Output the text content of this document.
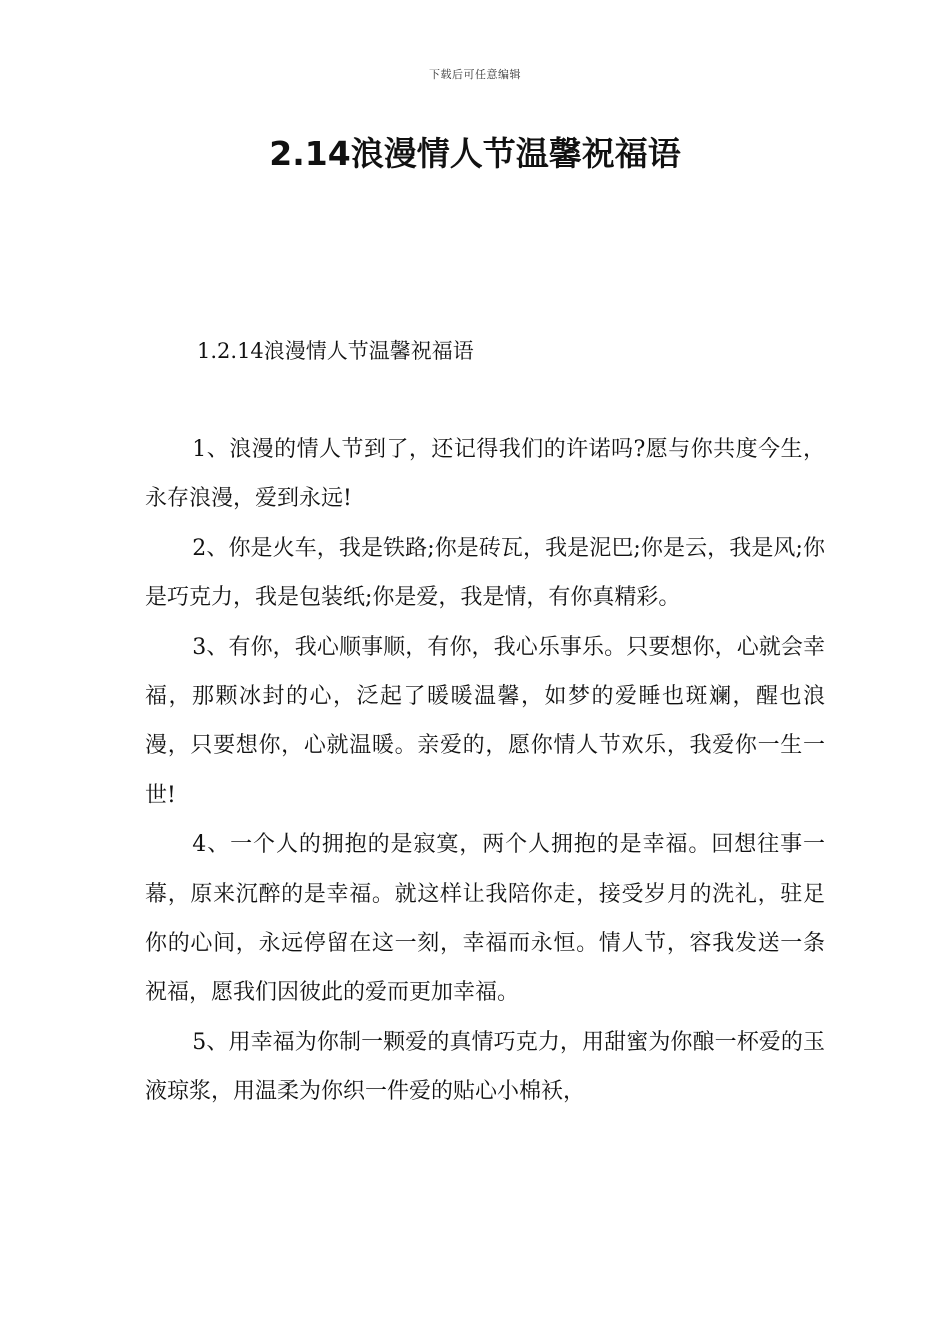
下载后可任意编辑
2.14浪漫情人节温馨祝福语

1.2.14浪漫情人节温馨祝福语

1、浪漫的情人节到了，还记得我们的许诺吗?愿与你共度今生，永存浪漫，爱到永远!

2、你是火车，我是铁路;你是砖瓦，我是泥巴;你是云，我是风;你是巧克力，我是包装纸;你是爱，我是情，有你真精彩。

3、有你，我心顺事顺，有你，我心乐事乐。只要想你，心就会幸福，那颗冰封的心，泛起了暖暖温馨，如梦的爱睡也斑斓，醒也浪漫，只要想你，心就温暖。亲爱的，愿你情人节欢乐，我爱你一生一世!

4、一个人的拥抱的是寂寞，两个人拥抱的是幸福。回想往事一幕，原来沉醉的是幸福。就这样让我陪你走，接受岁月的洗礼，驻足你的心间，永远停留在这一刻，幸福而永恒。情人节，容我发送一条祝福，愿我们因彼此的爱而更加幸福。

5、用幸福为你制一颗爱的真情巧克力，用甜蜜为你酿一杯爱的玉液琼浆，用温柔为你织一件爱的贴心小棉袄，
